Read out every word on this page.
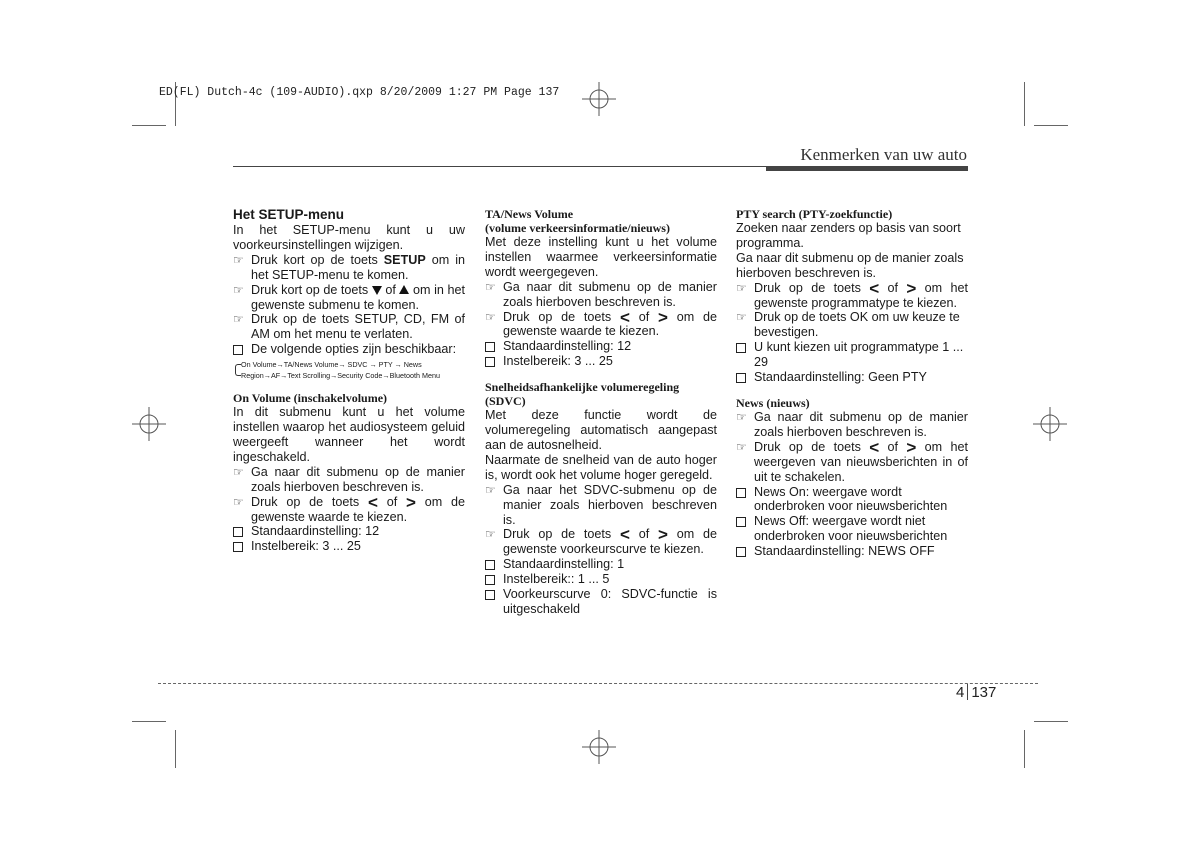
ED(FL) Dutch-4c (109-AUDIO).qxp 8/20/2009 1:27 PM Page 137
Kenmerken van uw auto

Het SETUP-menu

In het SETUP-menu kunt u uw voorkeursinstellingen wijzigen.

☞ Druk kort op de toets SETUP om in het SETUP-menu te komen.
☞ Druk kort op de toets  of  om in het gewenste submenu te komen.
☞ Druk op de toets SETUP, CD, FM of AM om het menu te verlaten.
De volgende opties zijn beschikbaar:
On Volume→TA/News Volume→ SDVC → PTY → News
Region→AF→Text Scrolling→Security Code→Bluetooth Menu

On Volume (inschakelvolume)

In dit submenu kunt u het volume instellen waarop het audiosysteem geluid weergeeft wanneer het wordt ingeschakeld.

☞ Ga naar dit submenu op de manier zoals hierboven beschreven is.
☞ Druk op de toets < of > om de gewenste waarde te kiezen.
Standaardinstelling: 12
Instelbereik: 3 ... 25

TA/News Volume
(volume verkeersinformatie/nieuws)

Met deze instelling kunt u het volume instellen waarmee verkeersinformatie wordt weergegeven.

☞ Ga naar dit submenu op de manier zoals hierboven beschreven is.
☞ Druk op de toets < of > om de gewenste waarde te kiezen.
Standaardinstelling: 12
Instelbereik: 3 ... 25

Snelheidsafhankelijke volumeregeling
(SDVC)

Met deze functie wordt de volumeregeling automatisch aangepast aan de autosnelheid.

Naarmate de snelheid van de auto hoger is, wordt ook het volume hoger geregeld.

☞ Ga naar het SDVC-submenu op de manier zoals hierboven beschreven is.
☞ Druk op de toets < of > om de gewenste voorkeurscurve te kiezen.
Standaardinstelling: 1
Instelbereik:: 1 ... 5
Voorkeurscurve 0: SDVC-functie is uitgeschakeld

PTY search (PTY-zoekfunctie)

Zoeken naar zenders op basis van soort programma.

Ga naar dit submenu op de manier zoals hierboven beschreven is.

☞ Druk op de toets < of > om het gewenste programmatype te kiezen.
☞ Druk op de toets OK om uw keuze te bevestigen.
U kunt kiezen uit programmatype 1 ... 29
Standaardinstelling: Geen PTY

News (nieuws)

☞ Ga naar dit submenu op de manier zoals hierboven beschreven is.
☞ Druk op de toets < of > om het weergeven van nieuwsberichten in of uit te schakelen.
News On: weergave wordt onderbroken voor nieuwsberichten
News Off: weergave wordt niet onderbroken voor nieuwsberichten
Standaardinstelling: NEWS OFF
4 137
